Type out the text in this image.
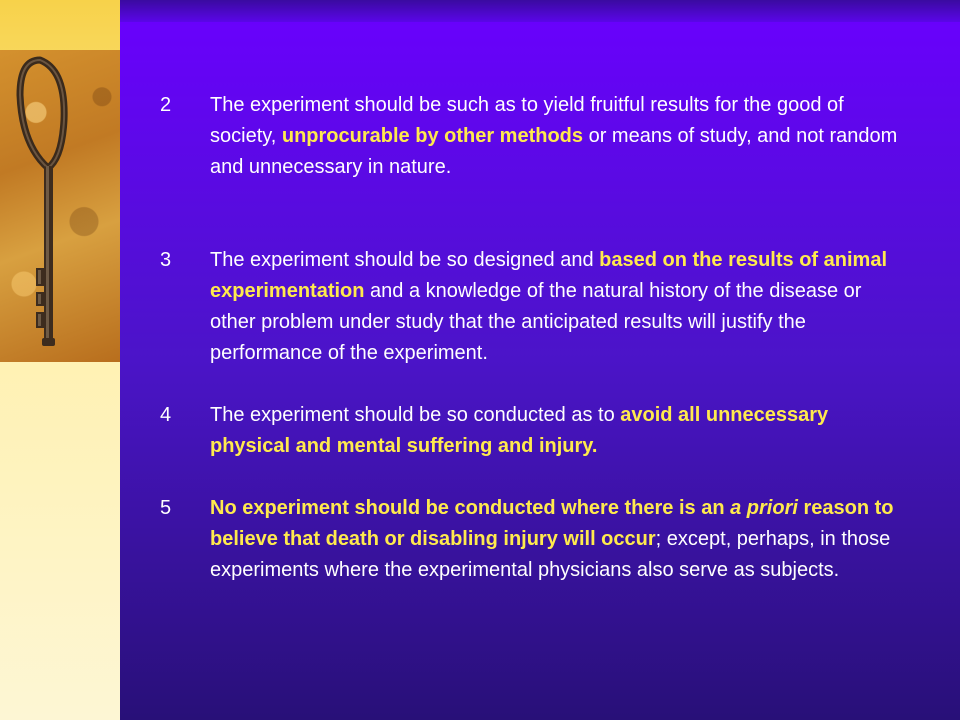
2	The experiment should be such as to yield fruitful results for the good of society, unprocurable by other methods or means of study, and not random and unnecessary in nature.
3	The experiment should be so designed and based on the results of animal experimentation and a knowledge of the natural history of the disease or other problem under study that the anticipated results will justify the performance of the experiment.
4	The experiment should be so conducted as to avoid all unnecessary physical and mental suffering and injury.
5	No experiment should be conducted where there is an a priori reason to believe that death or disabling injury will occur; except, perhaps, in those experiments where the experimental physicians also serve as subjects.
